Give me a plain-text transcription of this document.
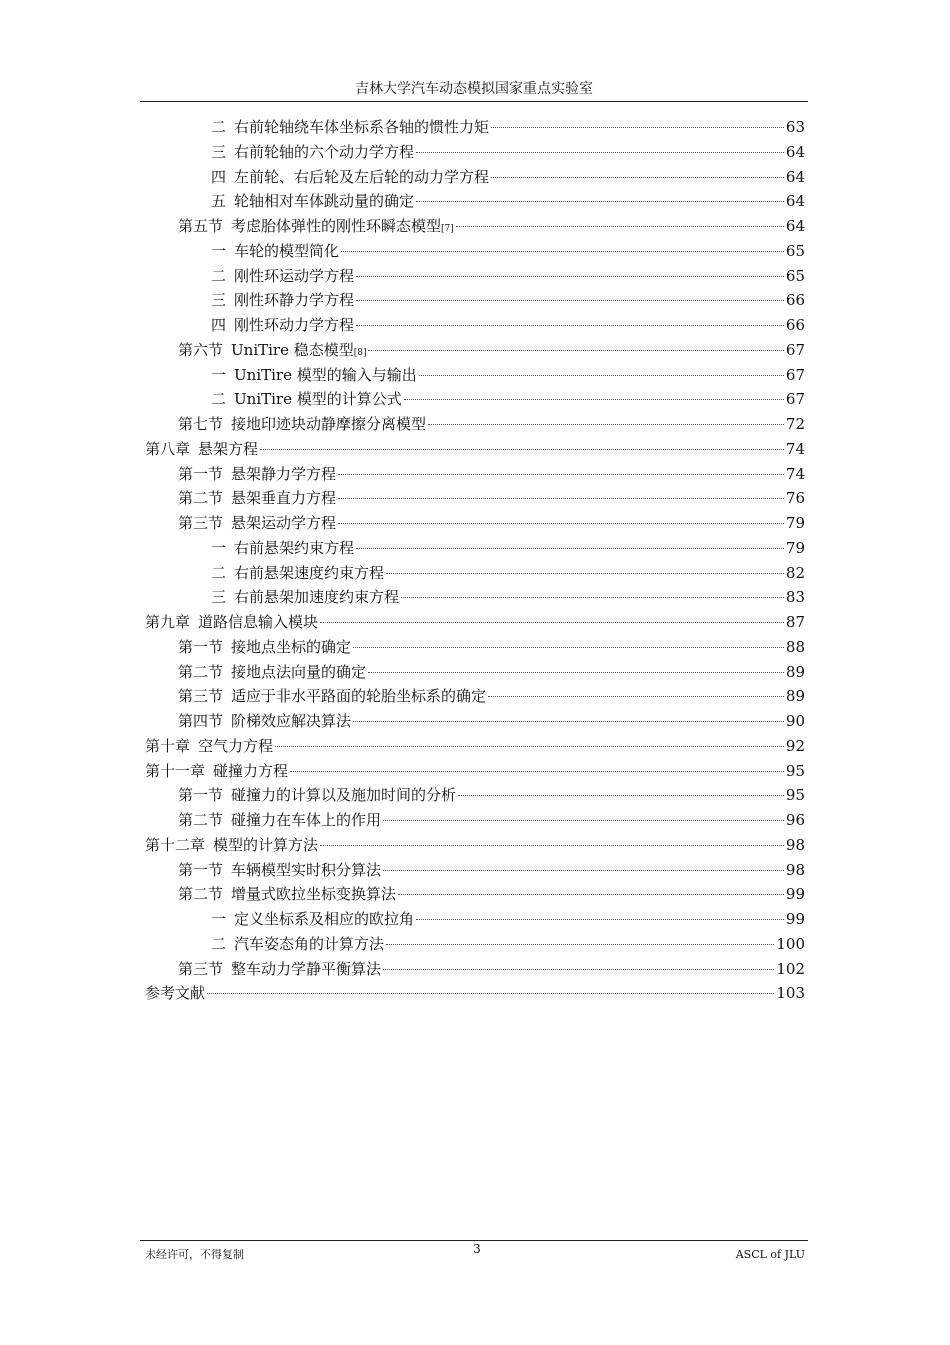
吉林大学汽车动态模拟国家重点实验室
二 右前轮轴绕车体坐标系各轴的惯性力矩	63
三 右前轮轴的六个动力学方程	64
四 左前轮、右后轮及左后轮的动力学方程	64
五 轮轴相对车体跳动量的确定	64
第五节 考虑胎体弹性的刚性环瞬态模型 [7]	64
一 车轮的模型简化	65
二 刚性环运动学方程	65
三 刚性环静力学方程	66
四 刚性环动力学方程	66
第六节 UniTire 稳态模型 [8]	67
一 UniTire 模型的输入与输出	67
二 UniTire 模型的计算公式	67
第七节 接地印迹块动静摩擦分离模型	72
第八章 悬架方程	74
第一节 悬架静力学方程	74
第二节 悬架垂直力方程	76
第三节 悬架运动学方程	79
一 右前悬架约束方程	79
二 右前悬架速度约束方程	82
三 右前悬架加速度约束方程	83
第九章 道路信息输入模块	87
第一节 接地点坐标的确定	88
第二节 接地点法向量的确定	89
第三节 适应于非水平路面的轮胎坐标系的确定	89
第四节 阶梯效应解决算法	90
第十章 空气力方程	92
第十一章 碰撞力方程	95
第一节 碰撞力的计算以及施加时间的分析	95
第二节 碰撞力在车体上的作用	96
第十二章 模型的计算方法	98
第一节 车辆模型实时积分算法	98
第二节 增量式欧拉坐标变换算法	99
一 定义坐标系及相应的欧拉角	99
二 汽车姿态角的计算方法	100
第三节 整车动力学静平衡算法	102
参考文献	103
未经许可，不得复制	3	ASCL of JLU
